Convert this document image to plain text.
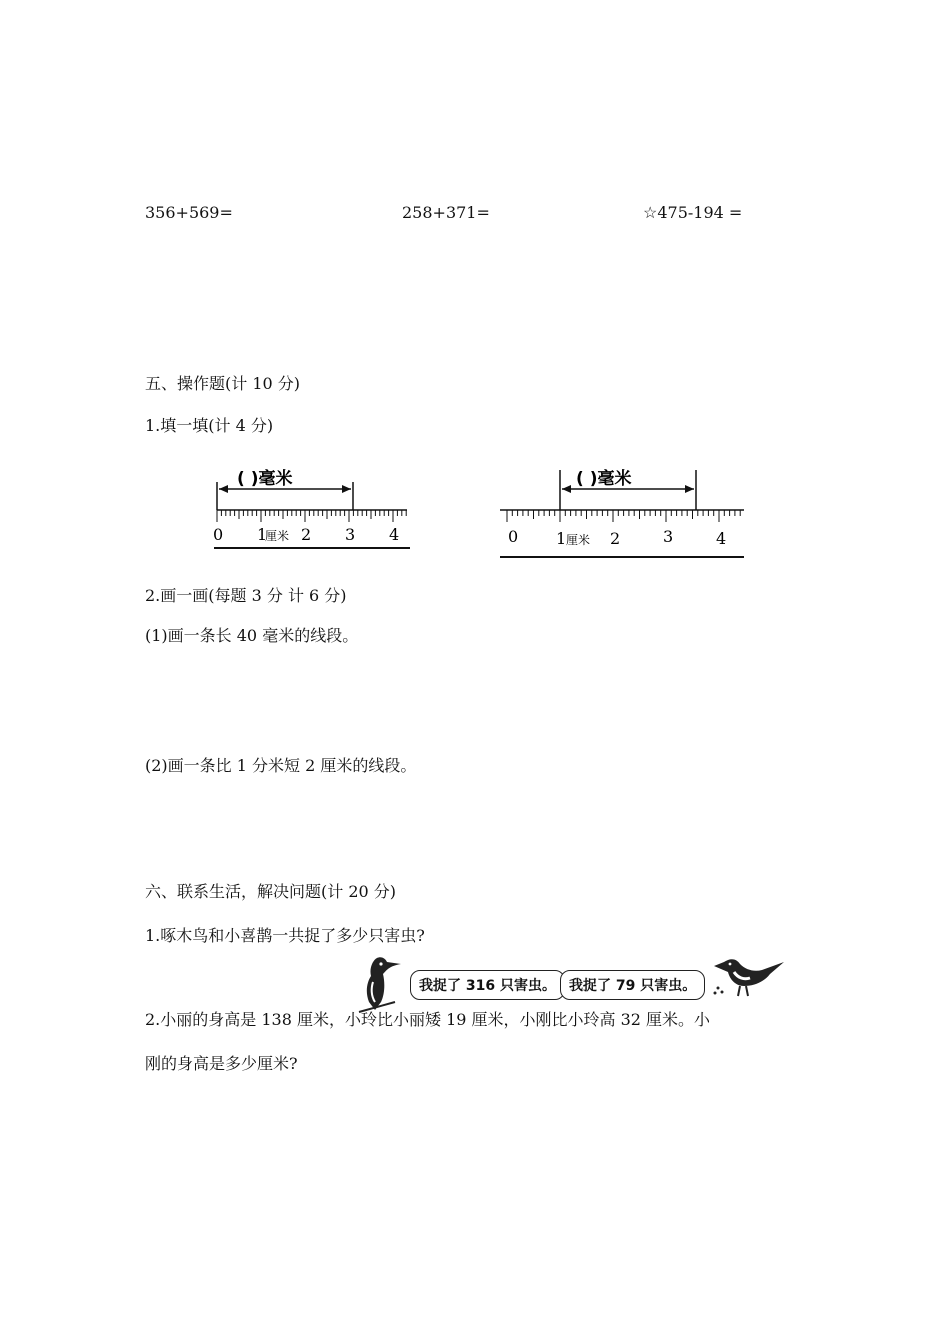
356+569=	258+371=	☆475-194 =
五、操作题(计 10 分)
1.填一填(计 4 分)
( )毫米
0 1
厘米 2 3 4
( )毫米
0 1 厘米 2	3	4
2.画一画(每题 3 分 计 6 分)
(1)画一条长 40 毫米的线段。
(2)画一条比 1 分米短 2 厘米的线段。
六、联系生活，解决问题(计 20 分)
1.啄木鸟和小喜鹊一共捉了多少只害虫?
我捉了 316 只害虫。 我捉了 79 只害虫。
2.小丽的身高是 138 厘米，小玲比小丽矮 19 厘米，小刚比小玲高 32 厘米。小
刚的身高是多少厘米?
